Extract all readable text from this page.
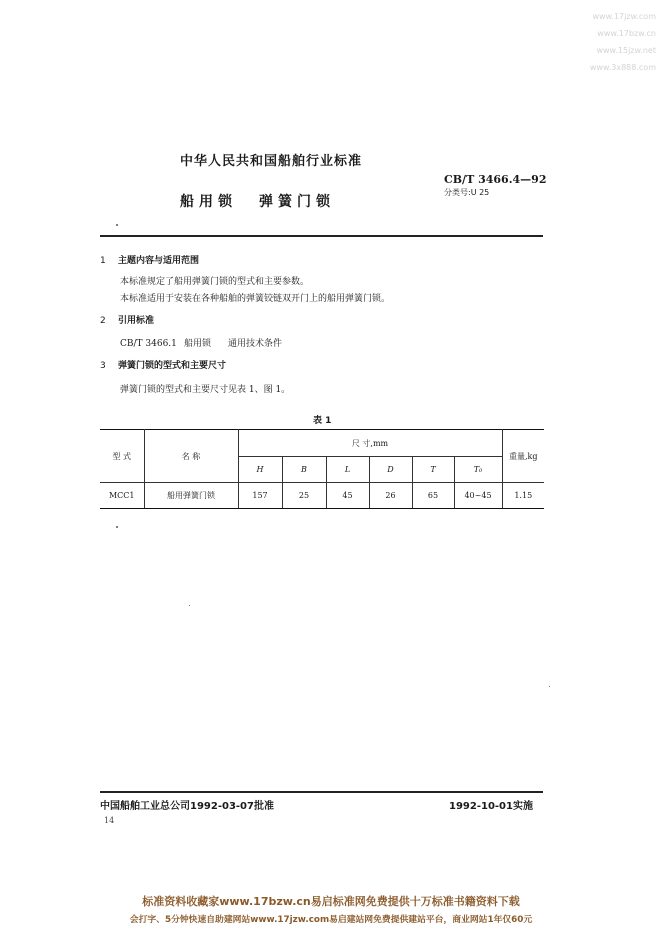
www.17jzw.com
www.17bzw.cn
www.15jzw.net
www.3x888.com
中华人民共和国船舶行业标准
船用锁 弹簧门锁
CB/T 3466.4—92
分类号:U 25
1 主题内容与适用范围
本标准规定了船用弹簧门锁的型式和主要参数。
本标准适用于安装在各种船舶的弹簧铰链双开门上的船用弹簧门锁。
2 引用标准
CB/T 3466.1 船用锁 通用技术条件
3 弹簧门锁的型式和主要尺寸
弹簧门锁的型式和主要尺寸见表 1、图 1。
表 1
型 式	名 称	尺 寸,mm						重量,kg
		H	B	L	D	T	T₀	
MCC1	船用弹簧门锁	157	25	45	26	65	40~45	1.15
中国船舶工业总公司1992-03-07批准	1992-10-01实施
14
标准资料收藏家www.17bzw.cn易启标准网免费提供十万标准书籍资料下载
会打字、5分钟快速自助建网站www.17jzw.com易启建站网免费提供建站平台，商业网站1年仅60元
